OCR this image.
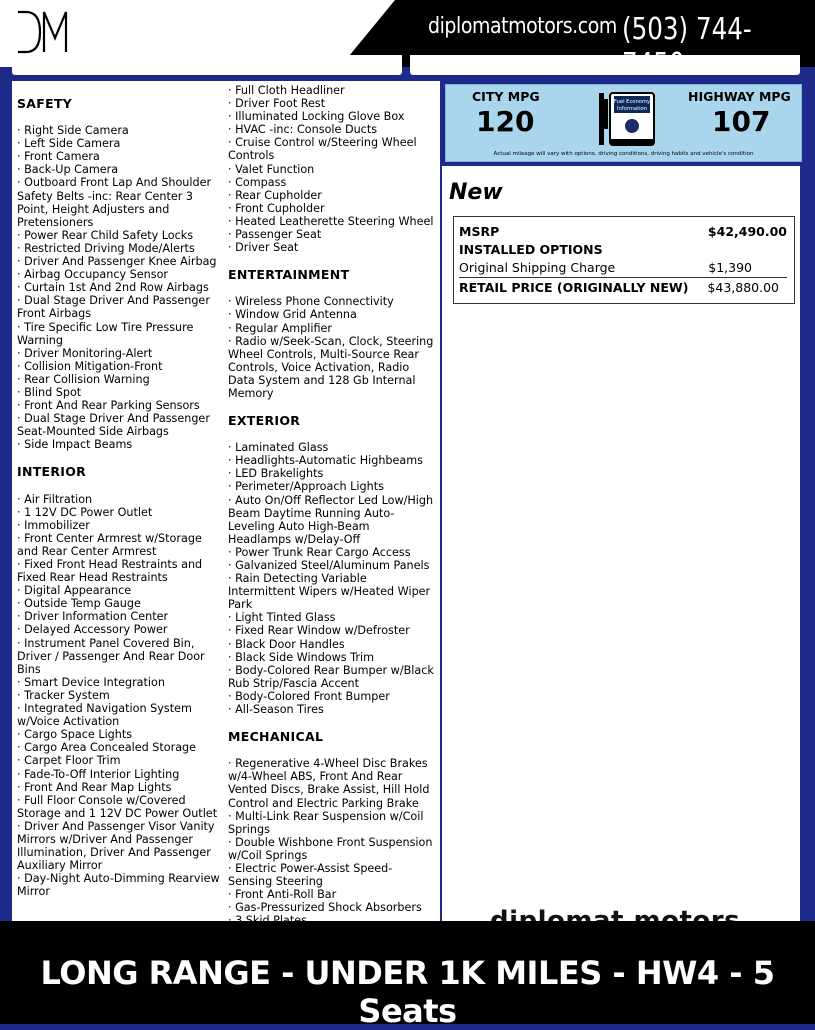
diplomatmotors.com (503) 744-
SAFETY
· Right Side Camera
· Left Side Camera
· Front Camera
· Back-Up Camera
· Outboard Front Lap And Shoulder Safety Belts -inc: Rear Center 3 Point, Height Adjusters and Pretensioners
· Power Rear Child Safety Locks
· Restricted Driving Mode/Alerts
· Driver And Passenger Knee Airbag
· Airbag Occupancy Sensor
· Curtain 1st And 2nd Row Airbags
· Dual Stage Driver And Passenger Front Airbags
· Tire Specific Low Tire Pressure Warning
· Driver Monitoring-Alert
· Collision Mitigation-Front
· Rear Collision Warning
· Blind Spot
· Front And Rear Parking Sensors
· Dual Stage Driver And Passenger Seat-Mounted Side Airbags
· Side Impact Beams
INTERIOR
· Air Filtration
· 1 12V DC Power Outlet
· Immobilizer
· Front Center Armrest w/Storage and Rear Center Armrest
· Fixed Front Head Restraints and Fixed Rear Head Restraints
· Digital Appearance
· Outside Temp Gauge
· Driver Information Center
· Delayed Accessory Power
· Instrument Panel Covered Bin, Driver / Passenger And Rear Door Bins
· Smart Device Integration
· Tracker System
· Integrated Navigation System w/Voice Activation
· Cargo Space Lights
· Cargo Area Concealed Storage
· Carpet Floor Trim
· Fade-To-Off Interior Lighting
· Front And Rear Map Lights
· Full Floor Console w/Covered Storage and 1 12V DC Power Outlet
· Driver And Passenger Visor Vanity Mirrors w/Driver And Passenger Illumination, Driver And Passenger Auxiliary Mirror
· Day-Night Auto-Dimming Rearview Mirror
· Full Cloth Headliner
· Driver Foot Rest
· Illuminated Locking Glove Box
· HVAC -inc: Console Ducts
· Cruise Control w/Steering Wheel Controls
· Valet Function
· Compass
· Rear Cupholder
· Front Cupholder
· Heated Leatherette Steering Wheel
· Passenger Seat
· Driver Seat
ENTERTAINMENT
· Wireless Phone Connectivity
· Window Grid Antenna
· Regular Amplifier
· Radio w/Seek-Scan, Clock, Steering Wheel Controls, Multi-Source Rear Controls, Voice Activation, Radio Data System and 128 Gb Internal Memory
EXTERIOR
· Laminated Glass
· Headlights-Automatic Highbeams
· LED Brakelights
· Perimeter/Approach Lights
· Auto On/Off Reflector Led Low/High Beam Daytime Running Auto-Leveling Auto High-Beam Headlamps w/Delay-Off
· Power Trunk Rear Cargo Access
· Galvanized Steel/Aluminum Panels
· Rain Detecting Variable Intermittent Wipers w/Heated Wiper Park
· Light Tinted Glass
· Fixed Rear Window w/Defroster
· Black Door Handles
· Black Side Windows Trim
· Body-Colored Rear Bumper w/Black Rub Strip/Fascia Accent
· Body-Colored Front Bumper
· All-Season Tires
MECHANICAL
· Regenerative 4-Wheel Disc Brakes w/4-Wheel ABS, Front And Rear Vented Discs, Brake Assist, Hill Hold Control and Electric Parking Brake
· Multi-Link Rear Suspension w/Coil Springs
· Double Wishbone Front Suspension w/Coil Springs
· Electric Power-Assist Speed-Sensing Steering
· Front Anti-Roll Bar
· Gas-Pressurized Shock Absorbers
CITY MPG
120
Fuel Economy
Information
HIGHWAY MPG
107
Actual mileage will vary with options, driving conditions, driving habits and vehicle's condition
New
MSRP	$42,490.00
INSTALLED OPTIONS
Original Shipping Charge	$1,390
RETAIL PRICE (ORIGINALLY NEW) $43,880.00
LONG RANGE - UNDER 1K MILES - HW4 - 5 Seats
